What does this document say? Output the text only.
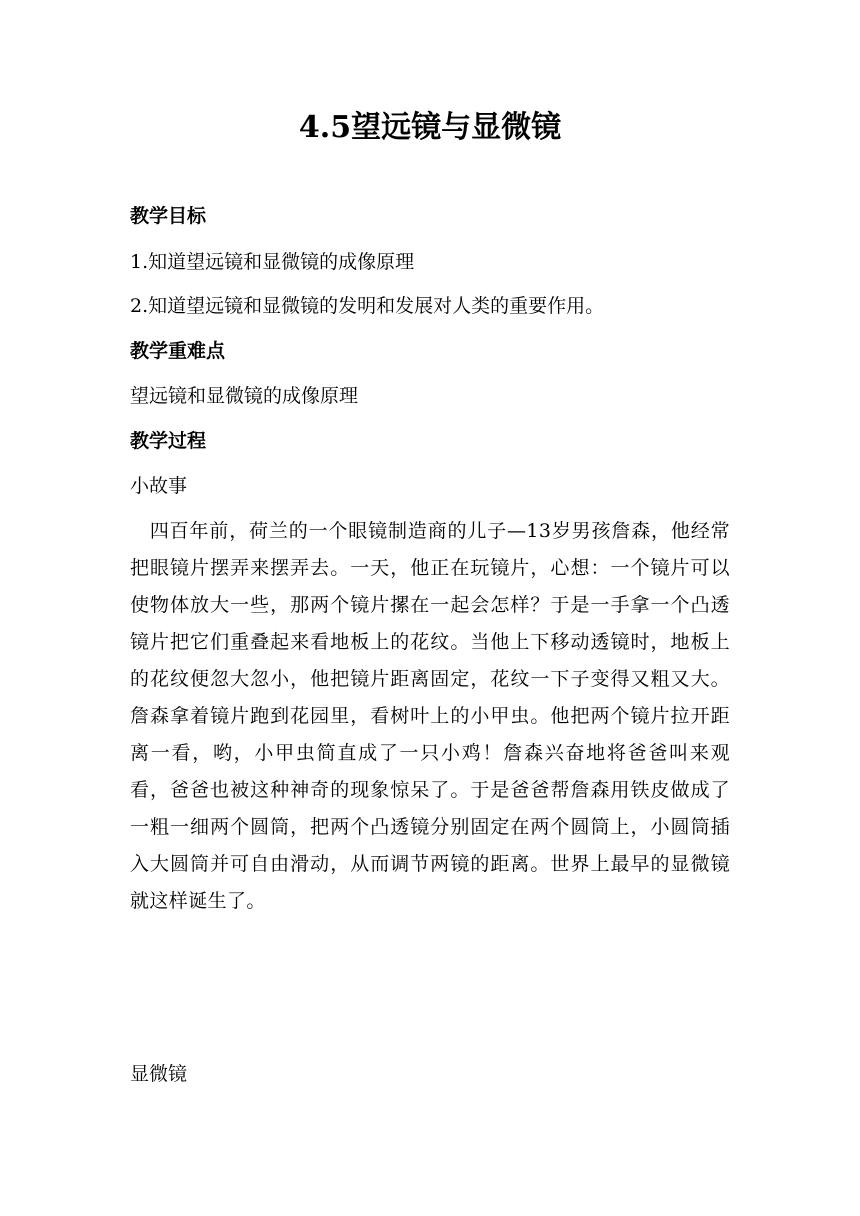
4.5望远镜与显微镜

教学目标

1.知道望远镜和显微镜的成像原理

2.知道望远镜和显微镜的发明和发展对人类的重要作用。

教学重难点

望远镜和显微镜的成像原理

教学过程

小故事

　四百年前，荷兰的一个眼镜制造商的儿子—13岁男孩詹森，他经常把眼镜片摆弄来摆弄去。一天，他正在玩镜片，心想：一个镜片可以使物体放大一些，那两个镜片摞在一起会怎样？于是一手拿一个凸透镜片把它们重叠起来看地板上的花纹。当他上下移动透镜时，地板上的花纹便忽大忽小，他把镜片距离固定，花纹一下子变得又粗又大。詹森拿着镜片跑到花园里，看树叶上的小甲虫。他把两个镜片拉开距离一看，哟，小甲虫简直成了一只小鸡！詹森兴奋地将爸爸叫来观看，爸爸也被这种神奇的现象惊呆了。于是爸爸帮詹森用铁皮做成了一粗一细两个圆筒，把两个凸透镜分别固定在两个圆筒上，小圆筒插入大圆筒并可自由滑动，从而调节两镜的距离。世界上最早的显微镜就这样诞生了。

显微镜
